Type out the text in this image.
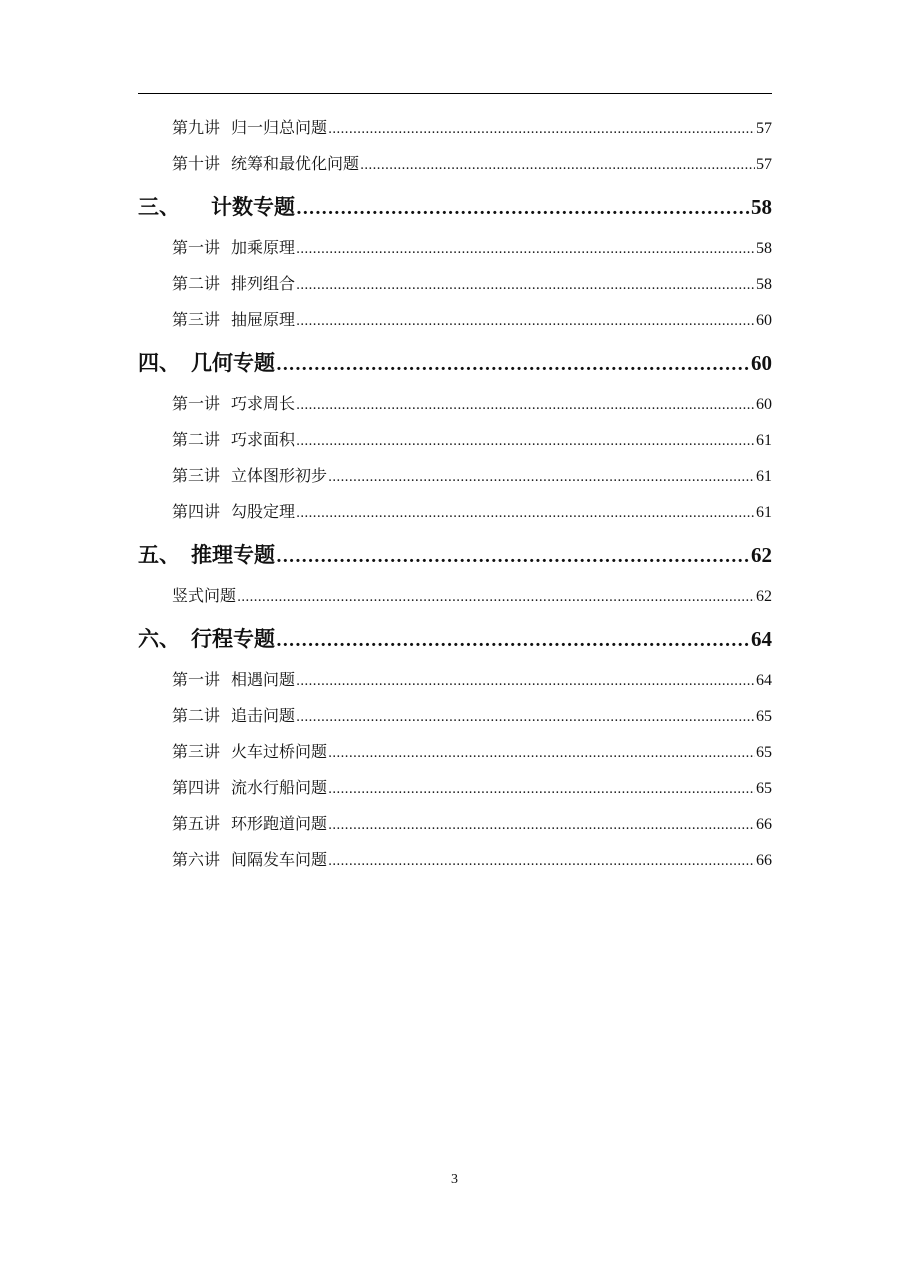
第九讲 归一归总问题 .....	57
第十讲 统筹和最优化问题 .....	57
三、 计数专题 .....	58
第一讲 加乘原理 .....	58
第二讲 排列组合 .....	58
第三讲 抽屉原理 .....	60
四、 几何专题 .....	60
第一讲 巧求周长 .....	60
第二讲 巧求面积 .....	61
第三讲 立体图形初步 .....	61
第四讲 勾股定理 .....	61
五、 推理专题 .....	62
竖式问题 .....	62
六、 行程专题 .....	64
第一讲 相遇问题 .....	64
第二讲 追击问题 .....	65
第三讲 火车过桥问题 .....	65
第四讲 流水行船问题 .....	65
第五讲 环形跑道问题 .....	66
第六讲 间隔发车问题 .....	66
3
